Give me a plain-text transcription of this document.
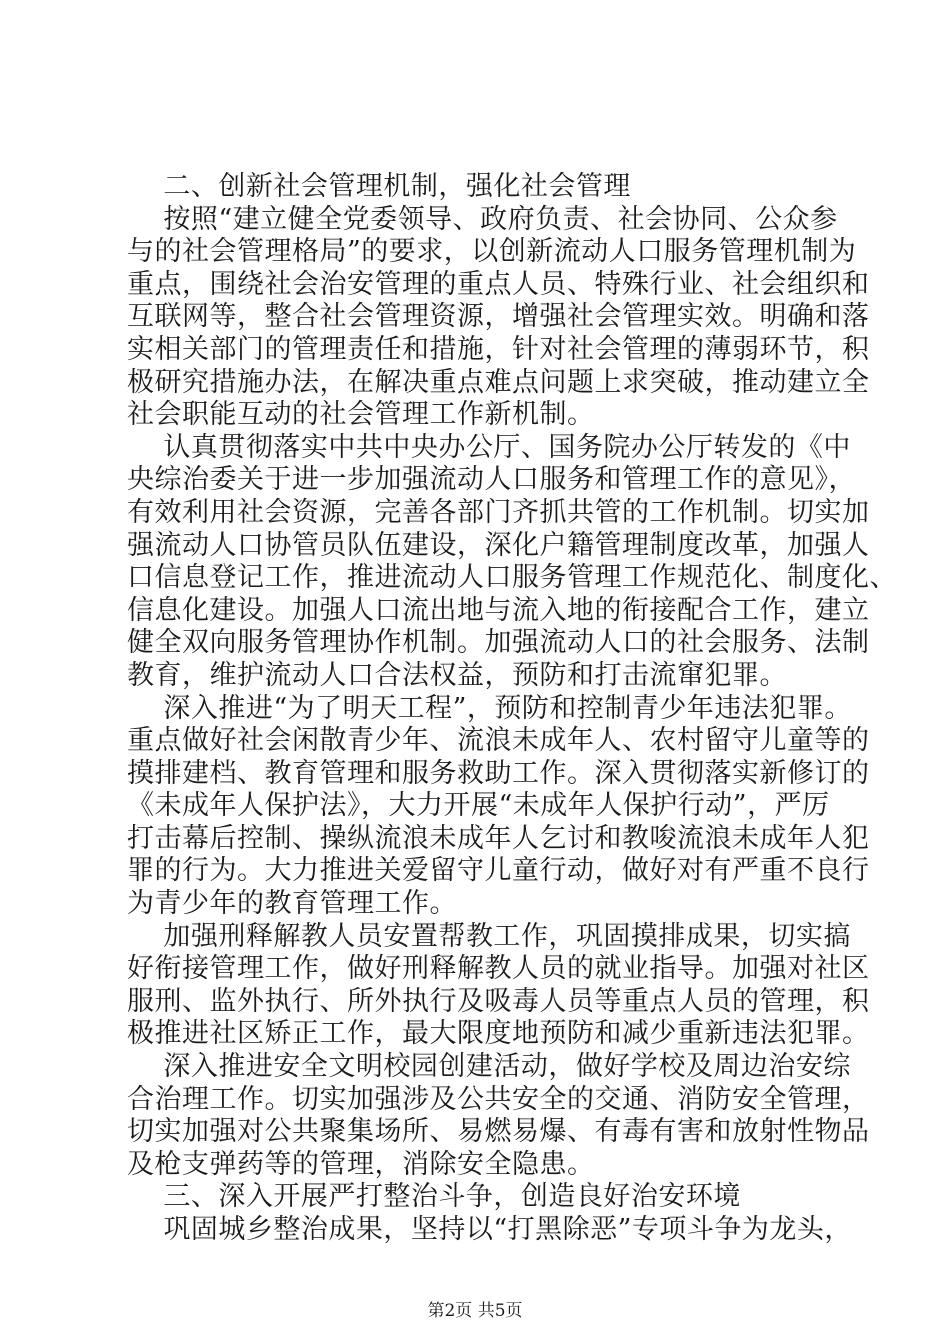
二、创新社会管理机制，强化社会管理
按照“建立健全党委领导、政府负责、社会协同、公众参
与的社会管理格局”的要求，以创新流动人口服务管理机制为
重点，围绕社会治安管理的重点人员、特殊行业、社会组织和
互联网等，整合社会管理资源，增强社会管理实效。明确和落
实相关部门的管理责任和措施，针对社会管理的薄弱环节，积
极研究措施办法，在解决重点难点问题上求突破，推动建立全
社会职能互动的社会管理工作新机制。
认真贯彻落实中共中央办公厅、国务院办公厅转发的《中
央综治委关于进一步加强流动人口服务和管理工作的意见》，
有效利用社会资源，完善各部门齐抓共管的工作机制。切实加
强流动人口协管员队伍建设，深化户籍管理制度改革，加强人
口信息登记工作，推进流动人口服务管理工作规范化、制度化、
信息化建设。加强人口流出地与流入地的衔接配合工作，建立
健全双向服务管理协作机制。加强流动人口的社会服务、法制
教育，维护流动人口合法权益，预防和打击流窜犯罪。
深入推进“为了明天工程”，预防和控制青少年违法犯罪。
重点做好社会闲散青少年、流浪未成年人、农村留守儿童等的
摸排建档、教育管理和服务救助工作。深入贯彻落实新修订的
《未成年人保护法》，大力开展“未成年人保护行动”，严厉
打击幕后控制、操纵流浪未成年人乞讨和教唆流浪未成年人犯
罪的行为。大力推进关爱留守儿童行动，做好对有严重不良行
为青少年的教育管理工作。
加强刑释解教人员安置帮教工作，巩固摸排成果，切实搞
好衔接管理工作，做好刑释解教人员的就业指导。加强对社区
服刑、监外执行、所外执行及吸毒人员等重点人员的管理，积
极推进社区矫正工作，最大限度地预防和减少重新违法犯罪。
深入推进安全文明校园创建活动，做好学校及周边治安综
合治理工作。切实加强涉及公共安全的交通、消防安全管理，
切实加强对公共聚集场所、易燃易爆、有毒有害和放射性物品
及枪支弹药等的管理，消除安全隐患。
三、深入开展严打整治斗争，创造良好治安环境
巩固城乡整治成果，坚持以“打黑除恶”专项斗争为龙头，
第2页 共5页
